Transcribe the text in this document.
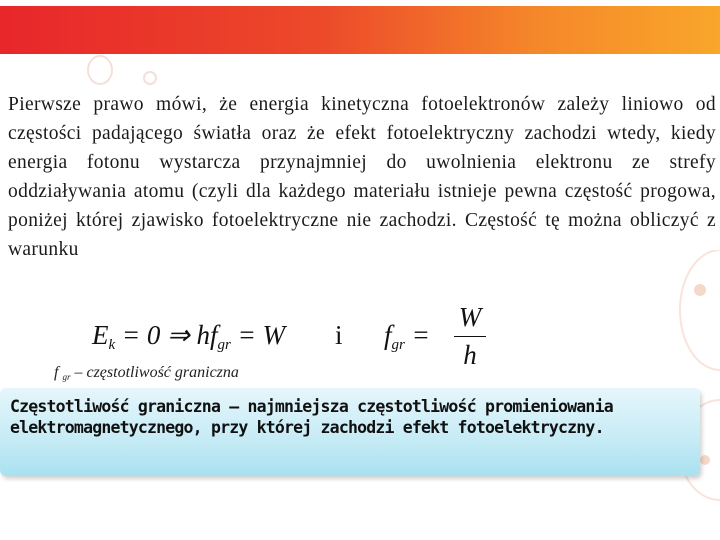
Pierwsze prawo mówi, że energia kinetyczna fotoelektronów zależy liniowo od częstości padającego światła oraz że efekt fotoelektryczny zachodzi wtedy, kiedy energia fotonu wystarcza przynajmniej do uwolnienia elektronu ze strefy oddziaływania atomu (czyli dla każdego materiału istnieje pewna częstość progowa, poniżej której zjawisko fotoelektryczne nie zachodzi. Częstość tę można obliczyć z warunku

$E_k = 0$ ⇒ $hf_{gr} = W$ i $f_{gr}$ =
W
h
f $_{gr}$ – częstotliwość graniczna

Częstotliwość graniczna – najmniejsza częstotliwość promieniowania elektromagnetycznego, przy której zachodzi efekt fotoelektryczny.
